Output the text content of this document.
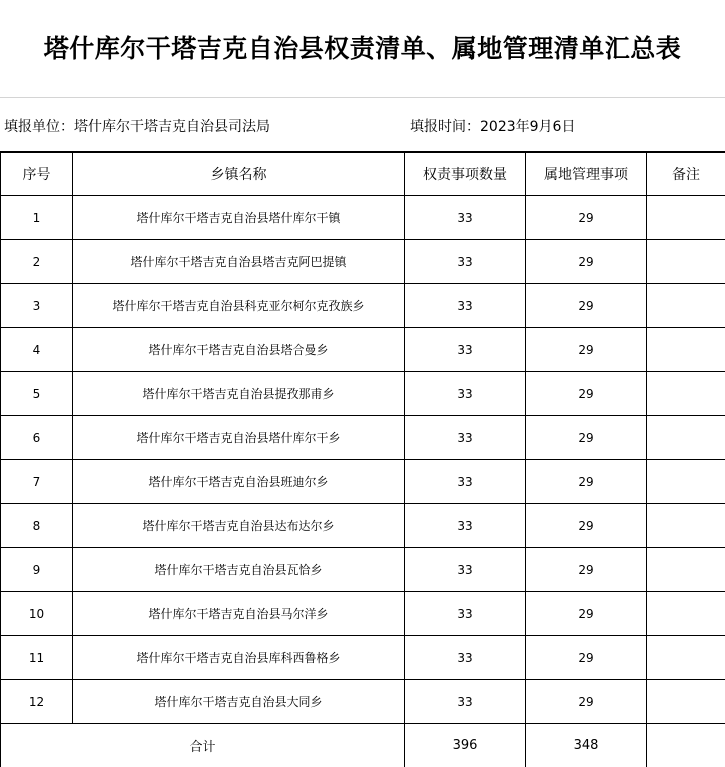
塔什库尔干塔吉克自治县权责清单、属地管理清单汇总表
填报单位：塔什库尔干塔吉克自治县司法局	填报时间：2023年9月6日
序号	乡镇名称	权责事项数量	属地管理事项	备注
1	塔什库尔干塔吉克自治县塔什库尔干镇	33	29	
2	塔什库尔干塔吉克自治县塔吉克阿巴提镇	33	29	
3	塔什库尔干塔吉克自治县科克亚尔柯尔克孜族乡	33	29	
4	塔什库尔干塔吉克自治县塔合曼乡	33	29	
5	塔什库尔干塔吉克自治县提孜那甫乡	33	29	
6	塔什库尔干塔吉克自治县塔什库尔干乡	33	29	
7	塔什库尔干塔吉克自治县班迪尔乡	33	29	
8	塔什库尔干塔吉克自治县达布达尔乡	33	29	
9	塔什库尔干塔吉克自治县瓦恰乡	33	29	
10	塔什库尔干塔吉克自治县马尔洋乡	33	29	
11	塔什库尔干塔吉克自治县库科西鲁格乡	33	29	
12	塔什库尔干塔吉克自治县大同乡	33	29	
合计		396	348	
